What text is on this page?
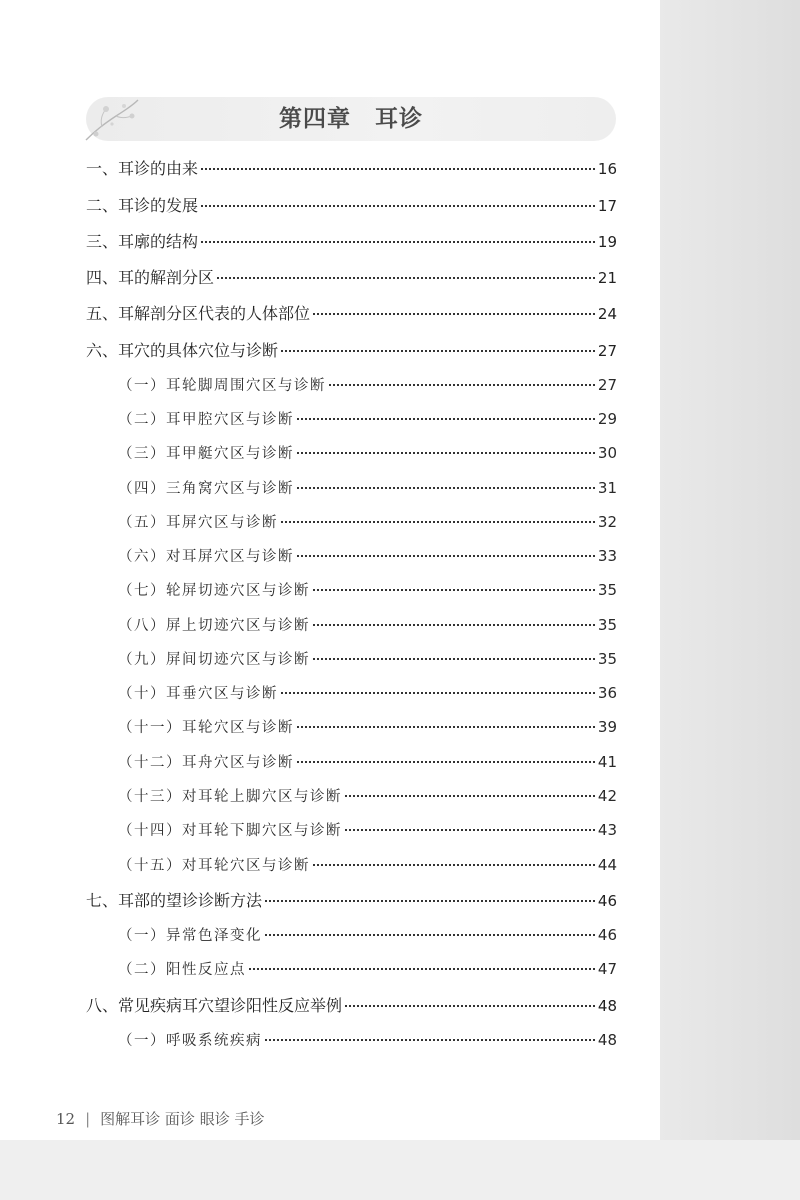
第四章　耳诊
一、耳诊的由来	16
二、耳诊的发展	17
三、耳廓的结构	19
四、耳的解剖分区	21
五、耳解剖分区代表的人体部位	24
六、耳穴的具体穴位与诊断	27
（一）耳轮脚周围穴区与诊断	27
（二）耳甲腔穴区与诊断	29
（三）耳甲艇穴区与诊断	30
（四）三角窝穴区与诊断	31
（五）耳屏穴区与诊断	32
（六）对耳屏穴区与诊断	33
（七）轮屏切迹穴区与诊断	35
（八）屏上切迹穴区与诊断	35
（九）屏间切迹穴区与诊断	35
（十）耳垂穴区与诊断	36
（十一）耳轮穴区与诊断	39
（十二）耳舟穴区与诊断	41
（十三）对耳轮上脚穴区与诊断	42
（十四）对耳轮下脚穴区与诊断	43
（十五）对耳轮穴区与诊断	44
七、耳部的望诊诊断方法	46
（一）异常色泽变化	46
（二）阳性反应点	47
八、常见疾病耳穴望诊阳性反应举例	48
（一）呼吸系统疾病	48
12 | 图解耳诊 面诊 眼诊 手诊
